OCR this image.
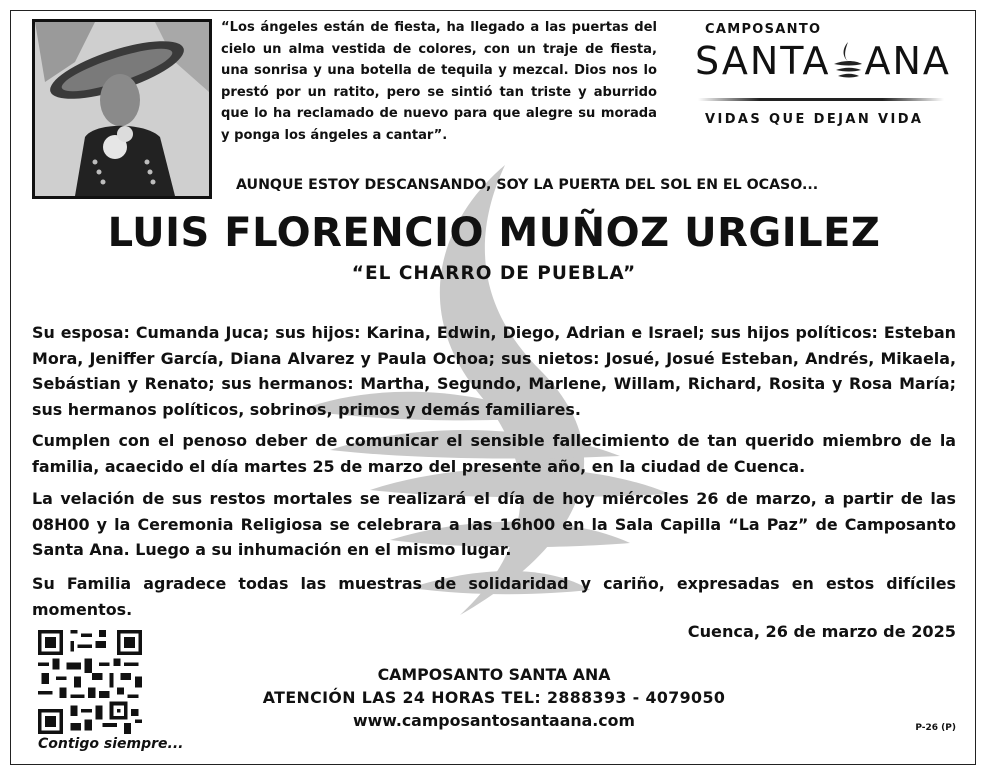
“Los ángeles están de fiesta, ha llegado a las puertas del cielo un alma vestida de colores, con un traje de fiesta, una sonrisa y una botella de tequila y mezcal. Dios nos lo prestó por un ratito, pero se sintió tan triste y aburrido que lo ha reclamado de nuevo para que alegre su morada y ponga los ángeles a cantar”.
CAMPOSANTO
SANTA ANA
VIDAS QUE DEJAN VIDA
AUNQUE ESTOY DESCANSANDO, SOY LA PUERTA DEL SOL EN EL OCASO...
LUIS FLORENCIO MUÑOZ URGILEZ
“EL CHARRO DE PUEBLA”
Su esposa: Cumanda Juca; sus hijos: Karina, Edwin, Diego, Adrian e Israel; sus hijos políticos: Esteban Mora, Jeniffer García, Diana Alvarez y Paula Ochoa; sus nietos: Josué, Josué Esteban, Andrés, Mikaela, Sebástian y Renato; sus hermanos: Martha, Segundo, Marlene, Willam, Richard, Rosita y Rosa María; sus hermanos políticos, sobrinos, primos y demás familiares.
Cumplen con el penoso deber de comunicar el sensible fallecimiento de tan querido miembro de la familia, acaecido el día martes 25 de marzo del presente año, en la ciudad de Cuenca.
La velación de sus restos mortales se realizará el día de hoy miércoles 26 de marzo, a partir de las 08H00 y la Ceremonia Religiosa se celebrara a las 16h00 en la Sala Capilla “La Paz” de Camposanto Santa Ana. Luego a su inhumación en el mismo lugar.
Su Familia agradece todas las muestras de solidaridad y cariño, expresadas en estos difíciles momentos.
Cuenca, 26 de marzo de 2025
Contigo siempre...
CAMPOSANTO SANTA ANA
ATENCIÓN LAS 24 HORAS TEL: 2888393 - 4079050
www.camposantosantaana.com	P-26 (P)
